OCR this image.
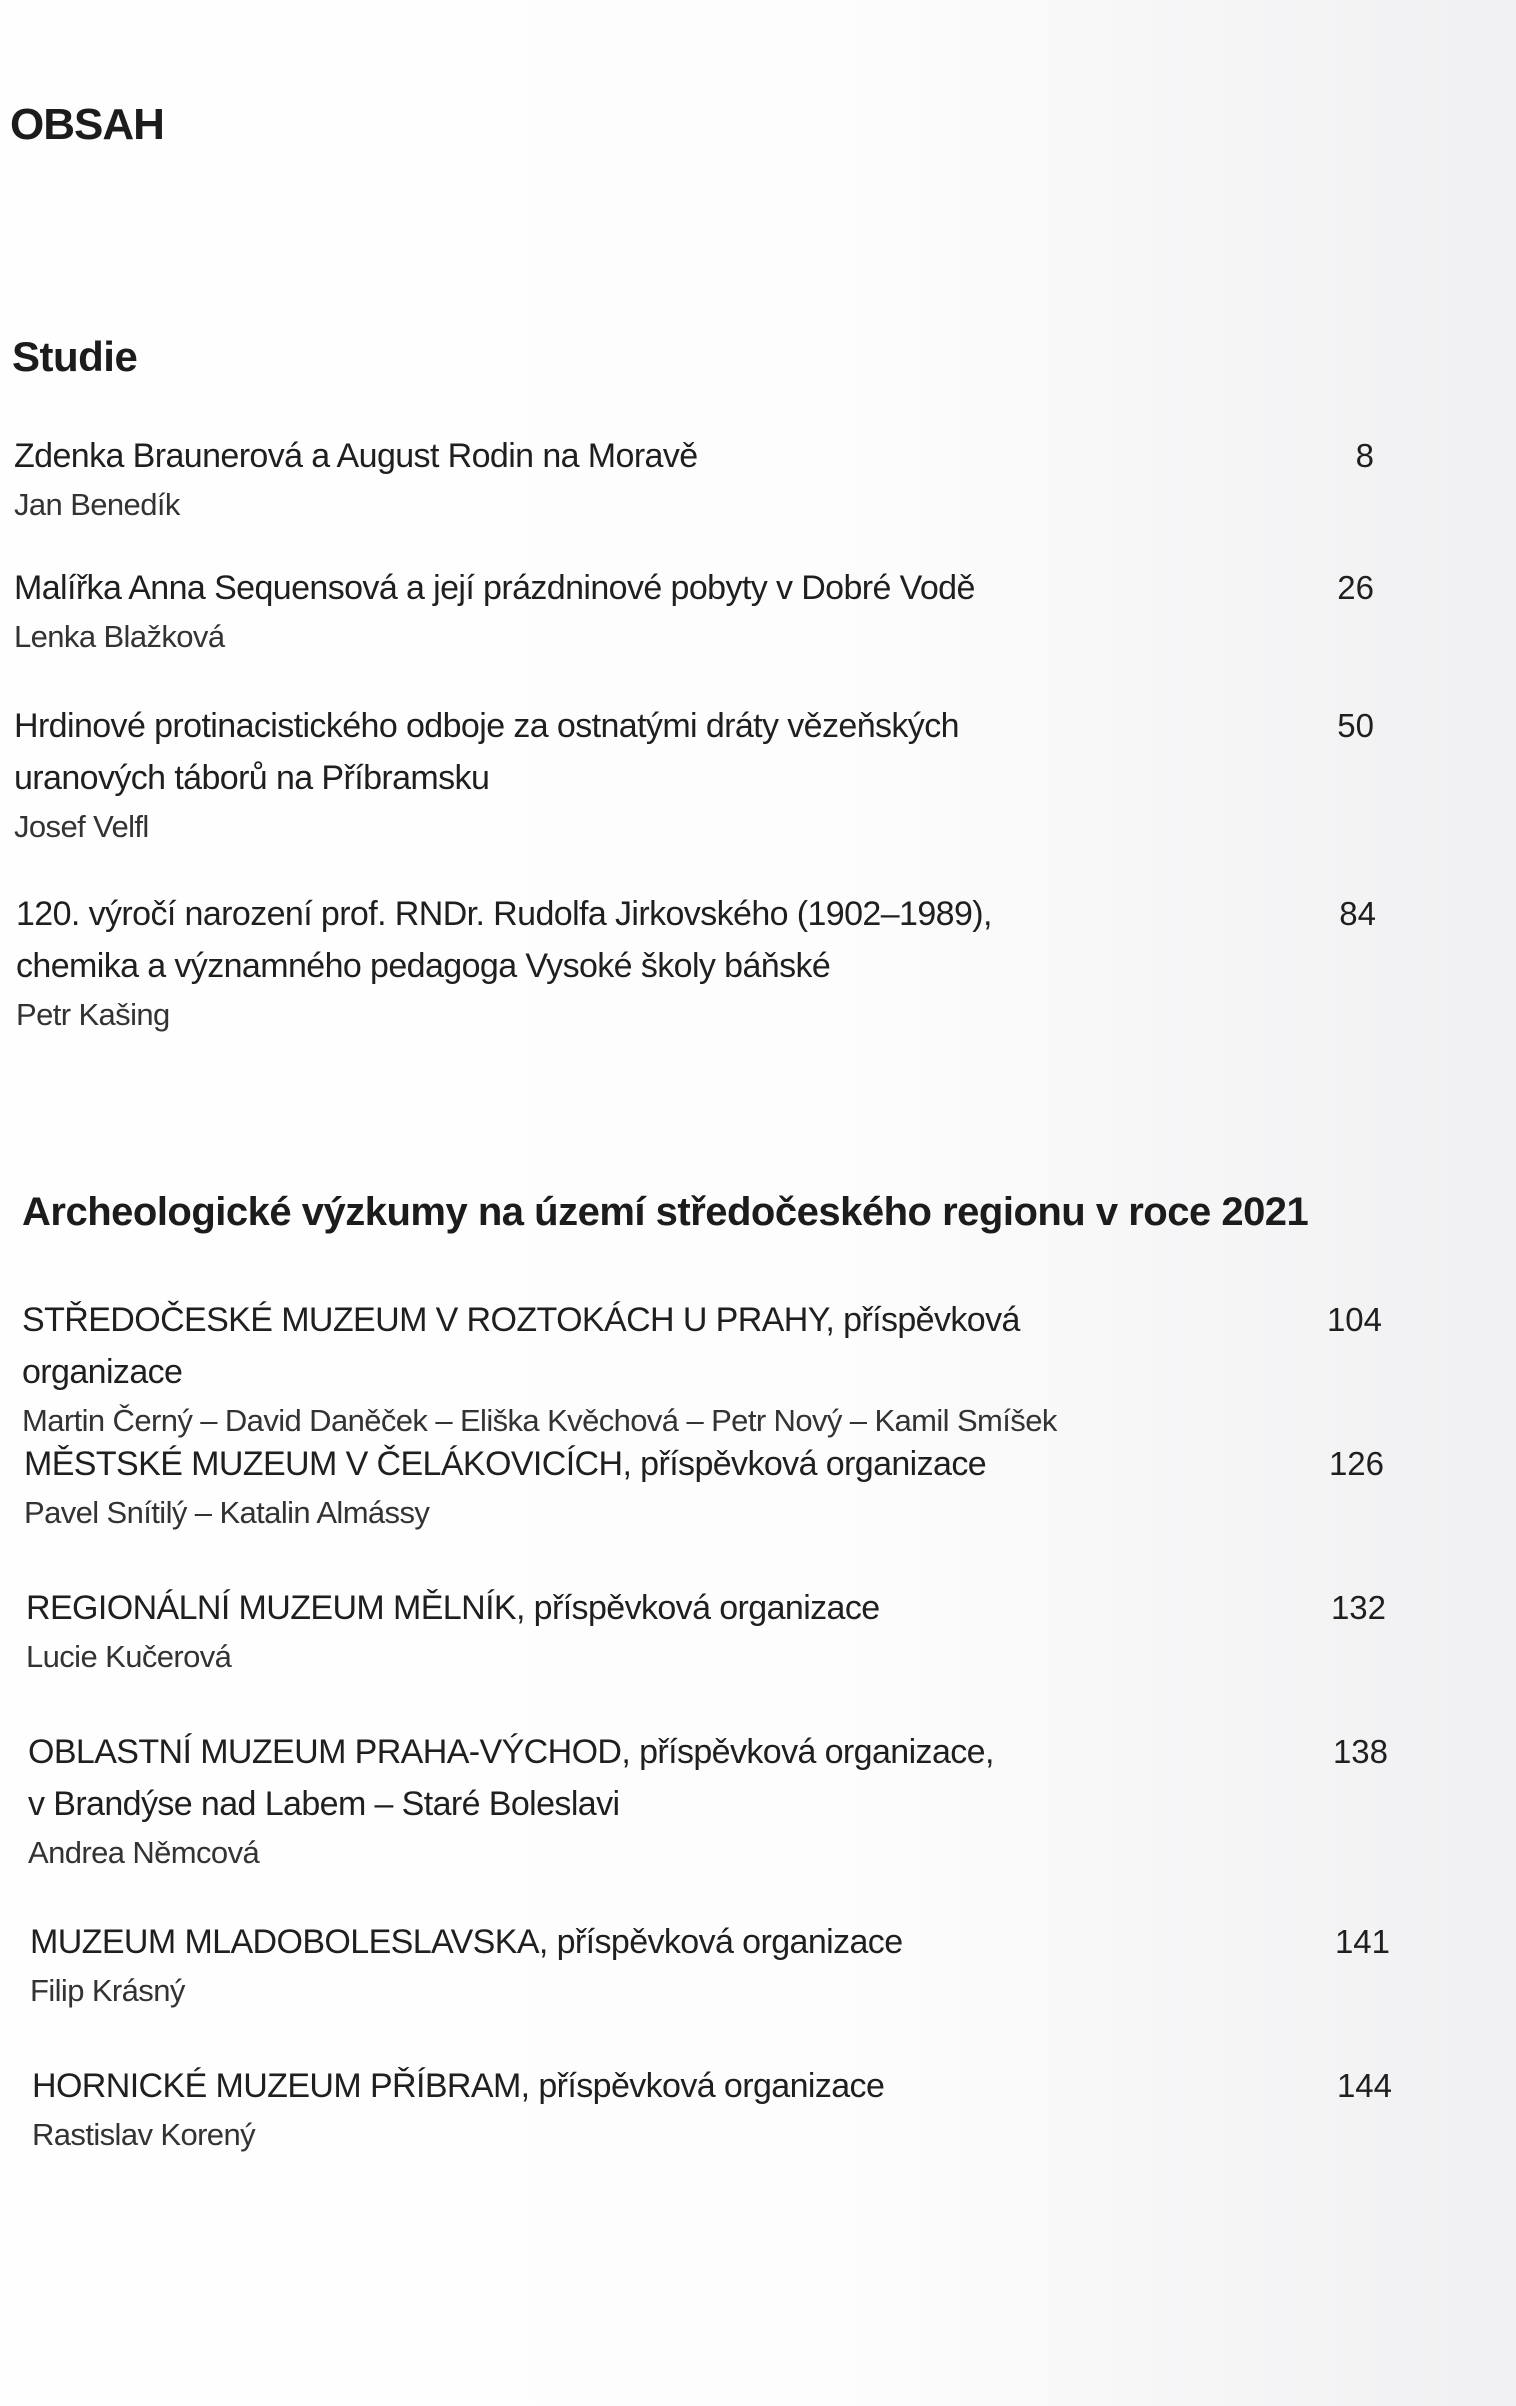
OBSAH
Studie
Zdenka Braunerová a August Rodin na Moravě
Jan Benedík
8
Malířka Anna Sequensová a její prázdninové pobyty v Dobré Vodě
Lenka Blažková
26
Hrdinové protinacistického odboje za ostnatými dráty vězeňských
uranových táborů na Příbramsku
Josef Velfl
50
120. výročí narození prof. RNDr. Rudolfa Jirkovského (1902–1989),
chemika a významného pedagoga Vysoké školy báňské
Petr Kašing
84
Archeologické výzkumy na území středočeského regionu v roce 2021
STŘEDOČESKÉ MUZEUM V ROZTOKÁCH U PRAHY, příspěvková organizace
Martin Černý – David Daněček – Eliška Kvěchová – Petr Nový – Kamil Smíšek
104
MĚSTSKÉ MUZEUM V ČELÁKOVICÍCH, příspěvková organizace
Pavel Snítilý – Katalin Almássy
126
REGIONÁLNÍ MUZEUM MĚLNÍK, příspěvková organizace
Lucie Kučerová
132
OBLASTNÍ MUZEUM PRAHA-VÝCHOD, příspěvková organizace,
v Brandýse nad Labem – Staré Boleslavi
Andrea Němcová
138
MUZEUM MLADOBOLESLAVSKA, příspěvková organizace
Filip Krásný
141
HORNICKÉ MUZEUM PŘÍBRAM, příspěvková organizace
Rastislav Korený
144
